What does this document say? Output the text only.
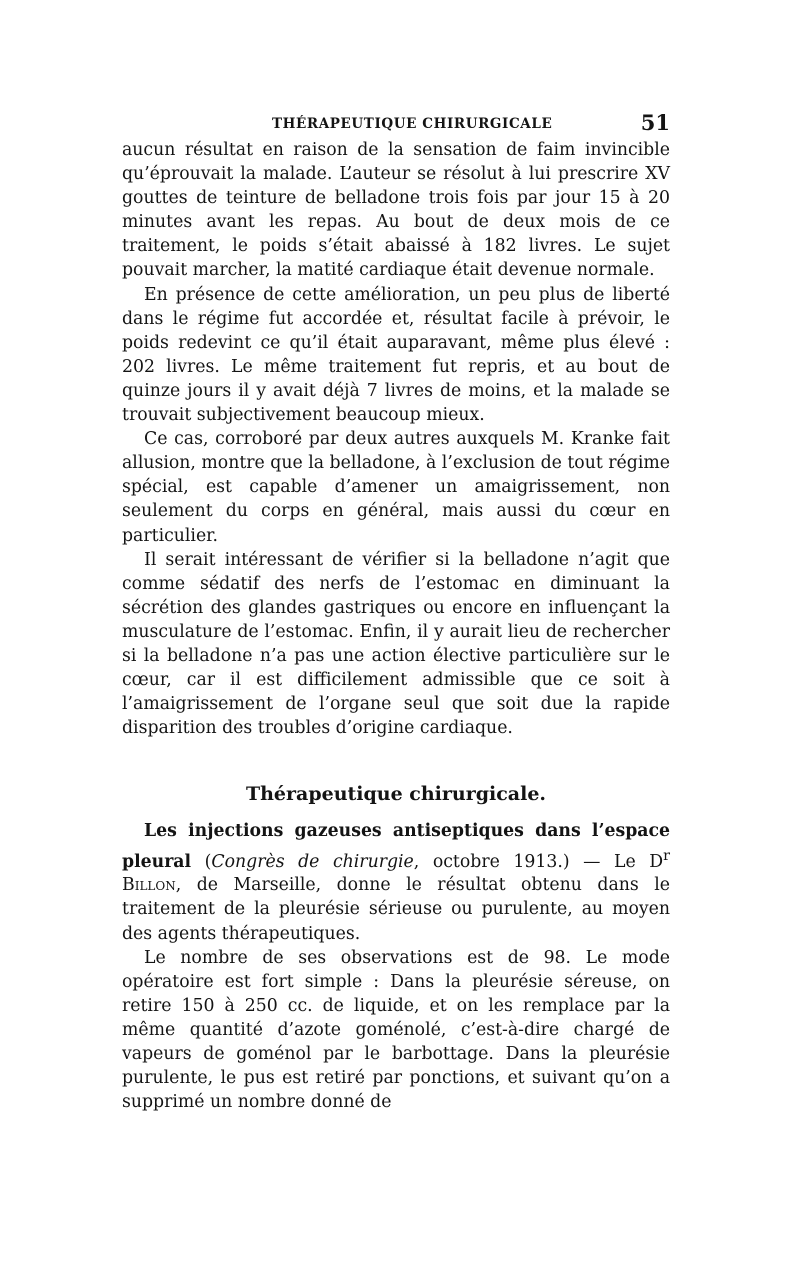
THÉRAPEUTIQUE CHIRURGICALE	51

aucun résultat en raison de la sensation de faim invincible qu’éprouvait la malade. L’auteur se résolut à lui prescrire XV gouttes de teinture de belladone trois fois par jour 15 à 20 minutes avant les repas. Au bout de deux mois de ce traitement, le poids s’était abaissé à 182 livres. Le sujet pouvait marcher, la matité cardiaque était devenue normale.

En présence de cette amélioration, un peu plus de liberté dans le régime fut accordée et, résultat facile à prévoir, le poids redevint ce qu’il était auparavant, même plus élevé : 202 livres. Le même traitement fut repris, et au bout de quinze jours il y avait déjà 7 livres de moins, et la malade se trouvait subjectivement beaucoup mieux.

Ce cas, corroboré par deux autres auxquels M. Kranke fait allusion, montre que la belladone, à l’exclusion de tout régime spécial, est capable d’amener un amaigrissement, non seulement du corps en général, mais aussi du cœur en particulier.

Il serait intéressant de vérifier si la belladone n’agit que comme sédatif des nerfs de l’estomac en diminuant la sécrétion des glandes gastriques ou encore en influençant la musculature de l’estomac. Enfin, il y aurait lieu de rechercher si la belladone n’a pas une action élective particulière sur le cœur, car il est difficilement admissible que ce soit à l’amaigrissement de l’organe seul que soit due la rapide disparition des troubles d’origine cardiaque.

Thérapeutique chirurgicale.

Les injections gazeuses antiseptiques dans l’espace pleural (Congrès de chirurgie, octobre 1913.) — Le $D^r$ Billon, de Marseille, donne le résultat obtenu dans le traitement de la pleurésie sérieuse ou purulente, au moyen des agents thérapeutiques.

Le nombre de ses observations est de 98. Le mode opératoire est fort simple : Dans la pleurésie séreuse, on retire 150 à 250 cc. de liquide, et on les remplace par la même quantité d’azote goménolé, c’est-à-dire chargé de vapeurs de goménol par le barbottage. Dans la pleurésie purulente, le pus est retiré par ponctions, et suivant qu’on a supprimé un nombre donné de
